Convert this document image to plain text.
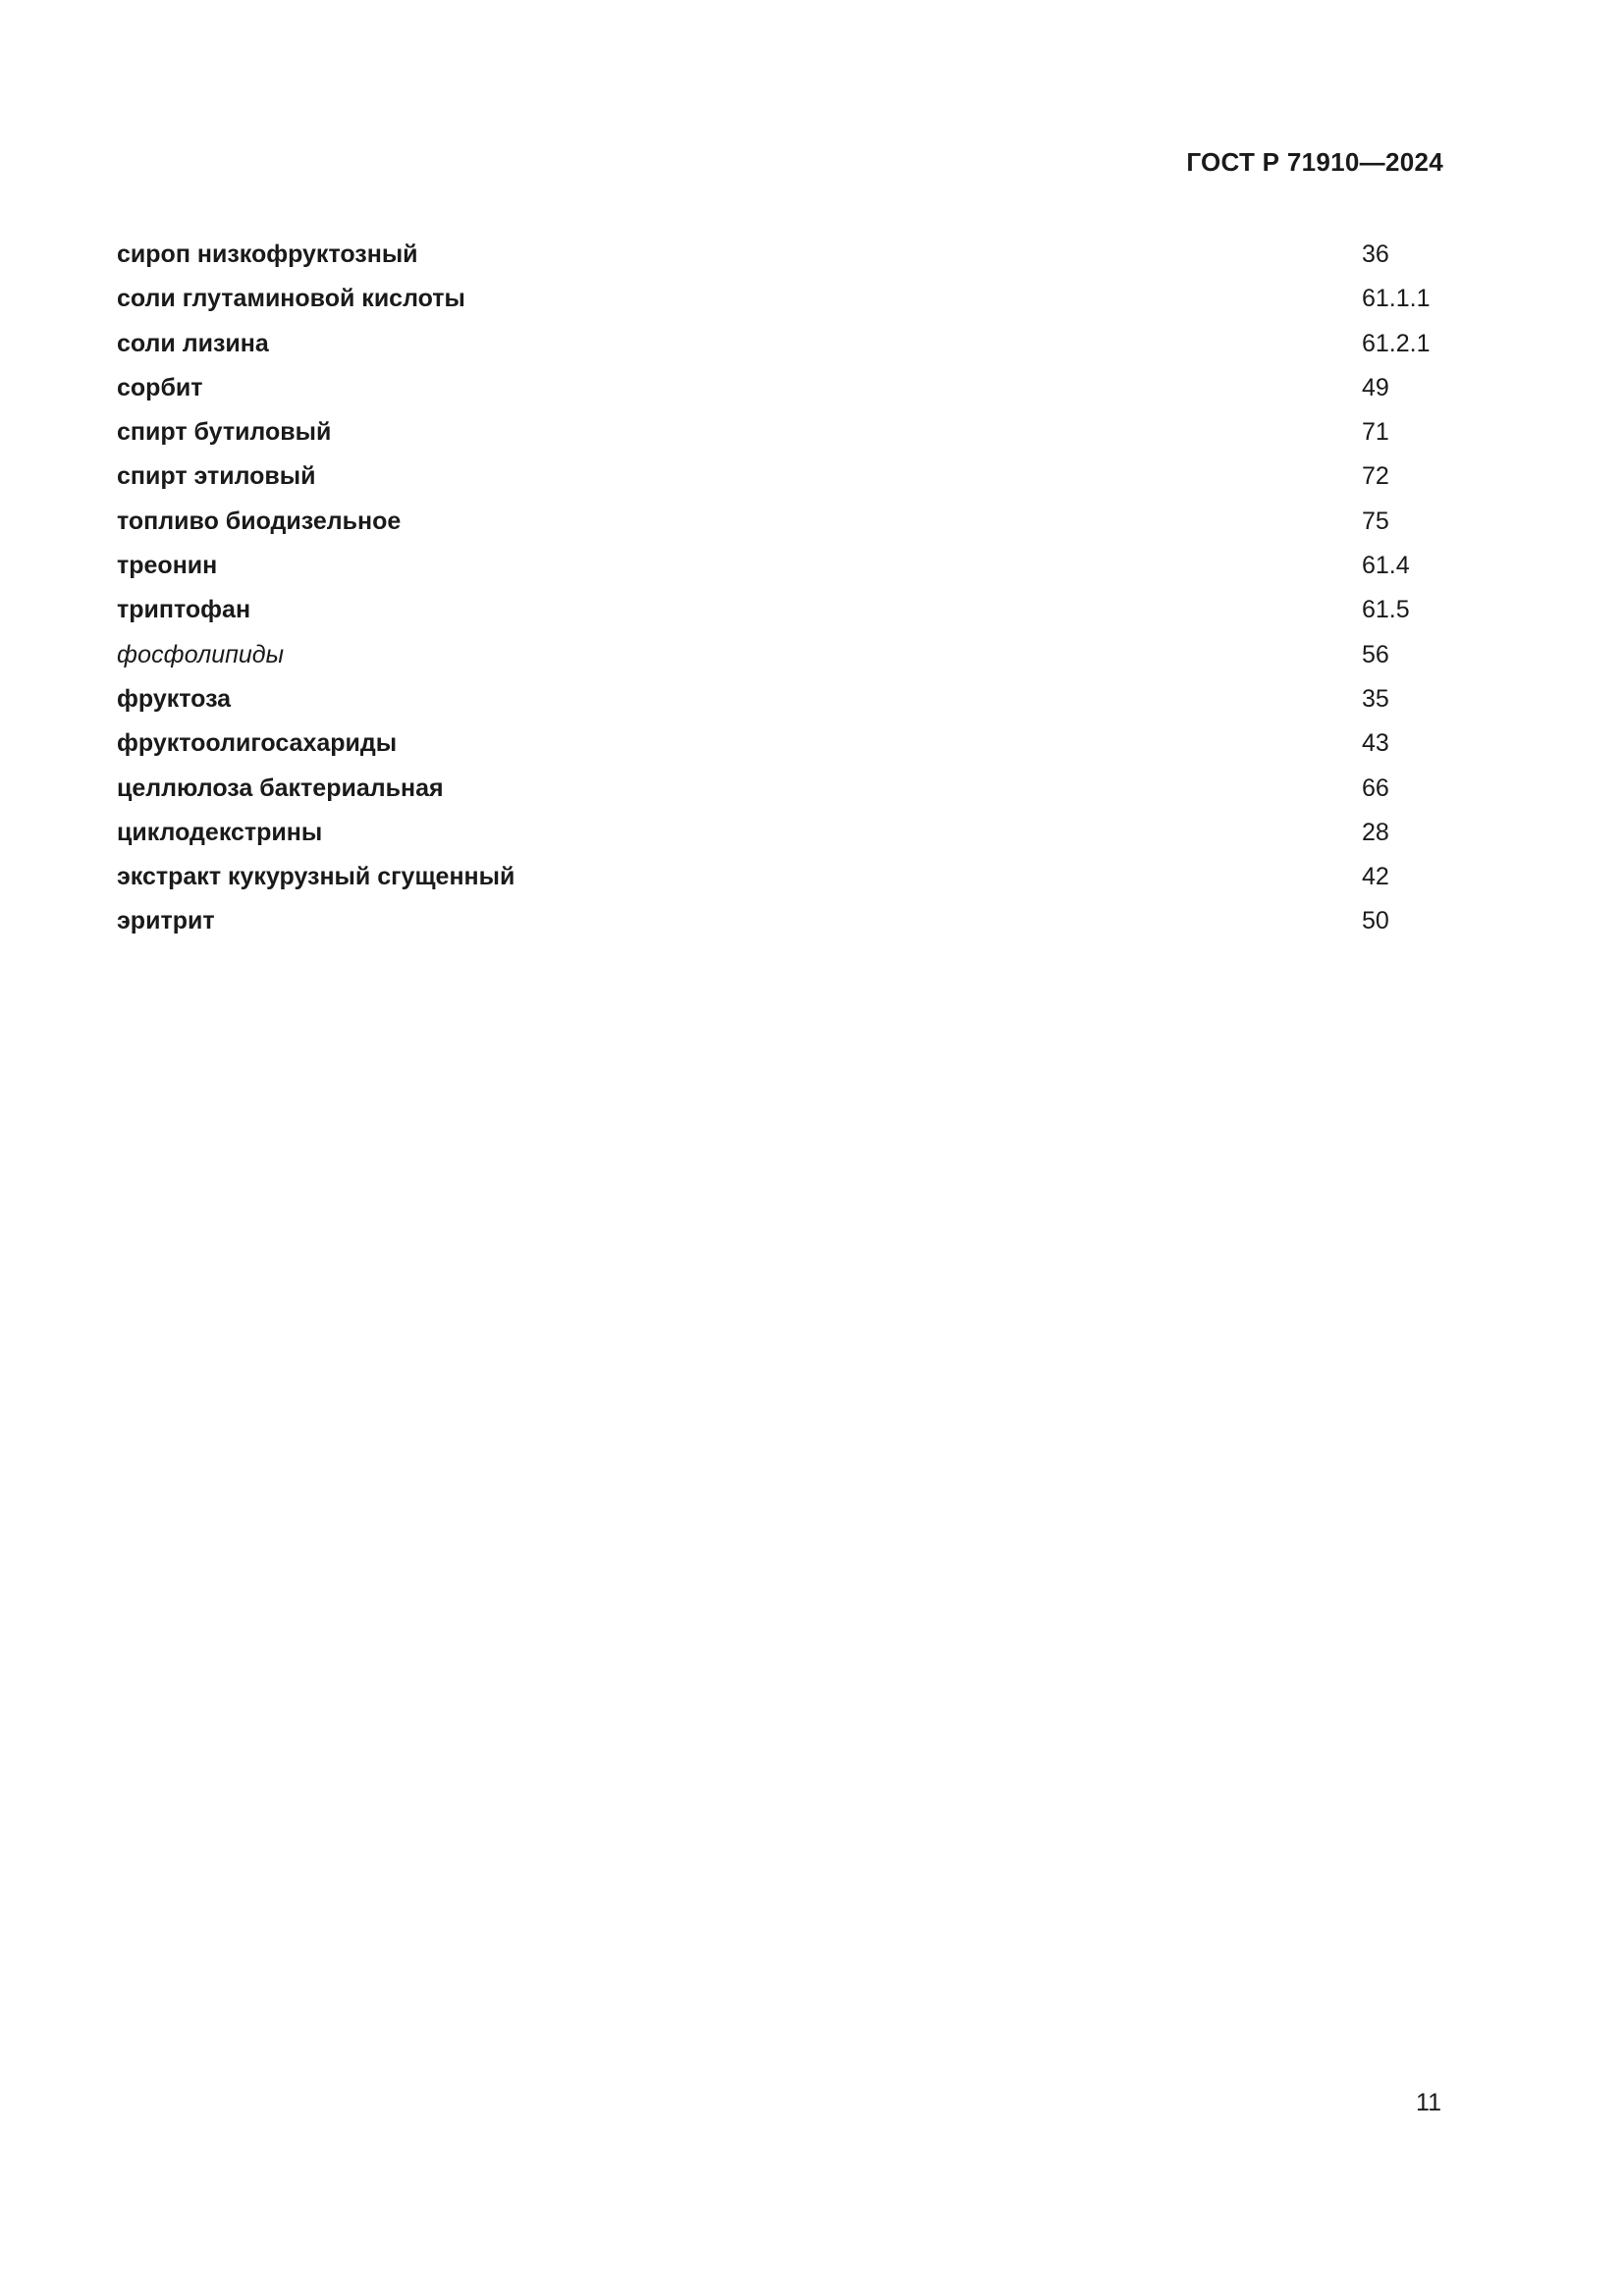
ГОСТ Р 71910—2024
сироп низкофруктозный	36
соли глутаминовой кислоты	61.1.1
соли лизина	61.2.1
сорбит	49
спирт бутиловый	71
спирт этиловый	72
топливо биодизельное	75
треонин	61.4
триптофан	61.5
фосфолипиды	56
фруктоза	35
фруктоолигосахариды	43
целлюлоза бактериальная	66
циклодекстрины	28
экстракт кукурузный сгущенный	42
эритрит	50
11
